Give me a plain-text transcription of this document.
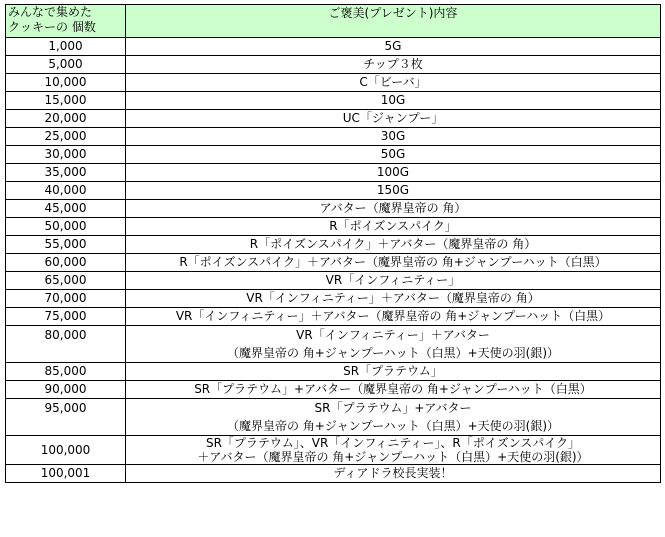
みんなで集めた
クッキーの 個数	ご褒美(プレゼント)内容
1,000	5G

5,000	チップ３枚

10,000	C「ビーバ」

15,000	10G

20,000	UC「ジャンプー」

25,000	30G

30,000	50G

35,000	100G

40,000	150G

45,000	アバター（魔界皇帝の 角）

50,000	R「ポイズンスパイク」

55,000	R「ポイズンスパイク」＋アバター（魔界皇帝の 角）

60,000	R「ポイズンスパイク」＋アバター（魔界皇帝の 角+ジャンプーハット（白黒）

65,000	VR「インフィニティー」

70,000	VR「インフィニティー」＋アバター（魔界皇帝の 角）

75,000	VR「インフィニティー」＋アバター（魔界皇帝の 角+ジャンプーハット（白黒）

80,000	VR「インフィニティー」＋アバター
（魔界皇帝の 角+ジャンプーハット（白黒）+天使の羽(銀)）

85,000	SR「プラテウム」

90,000	SR「プラテウム」+アバター（魔界皇帝の 角+ジャンプーハット（白黒）

95,000	SR「プラテウム」+アバター
（魔界皇帝の 角+ジャンプーハット（白黒）+天使の羽(銀)）

100,000	SR「プラテウム」、VR「インフィニティー」、R「ポイズンスパイク」
＋アバター（魔界皇帝の 角+ジャンプーハット（白黒）+天使の羽(銀)）

100,001	ディアドラ校長実装！
